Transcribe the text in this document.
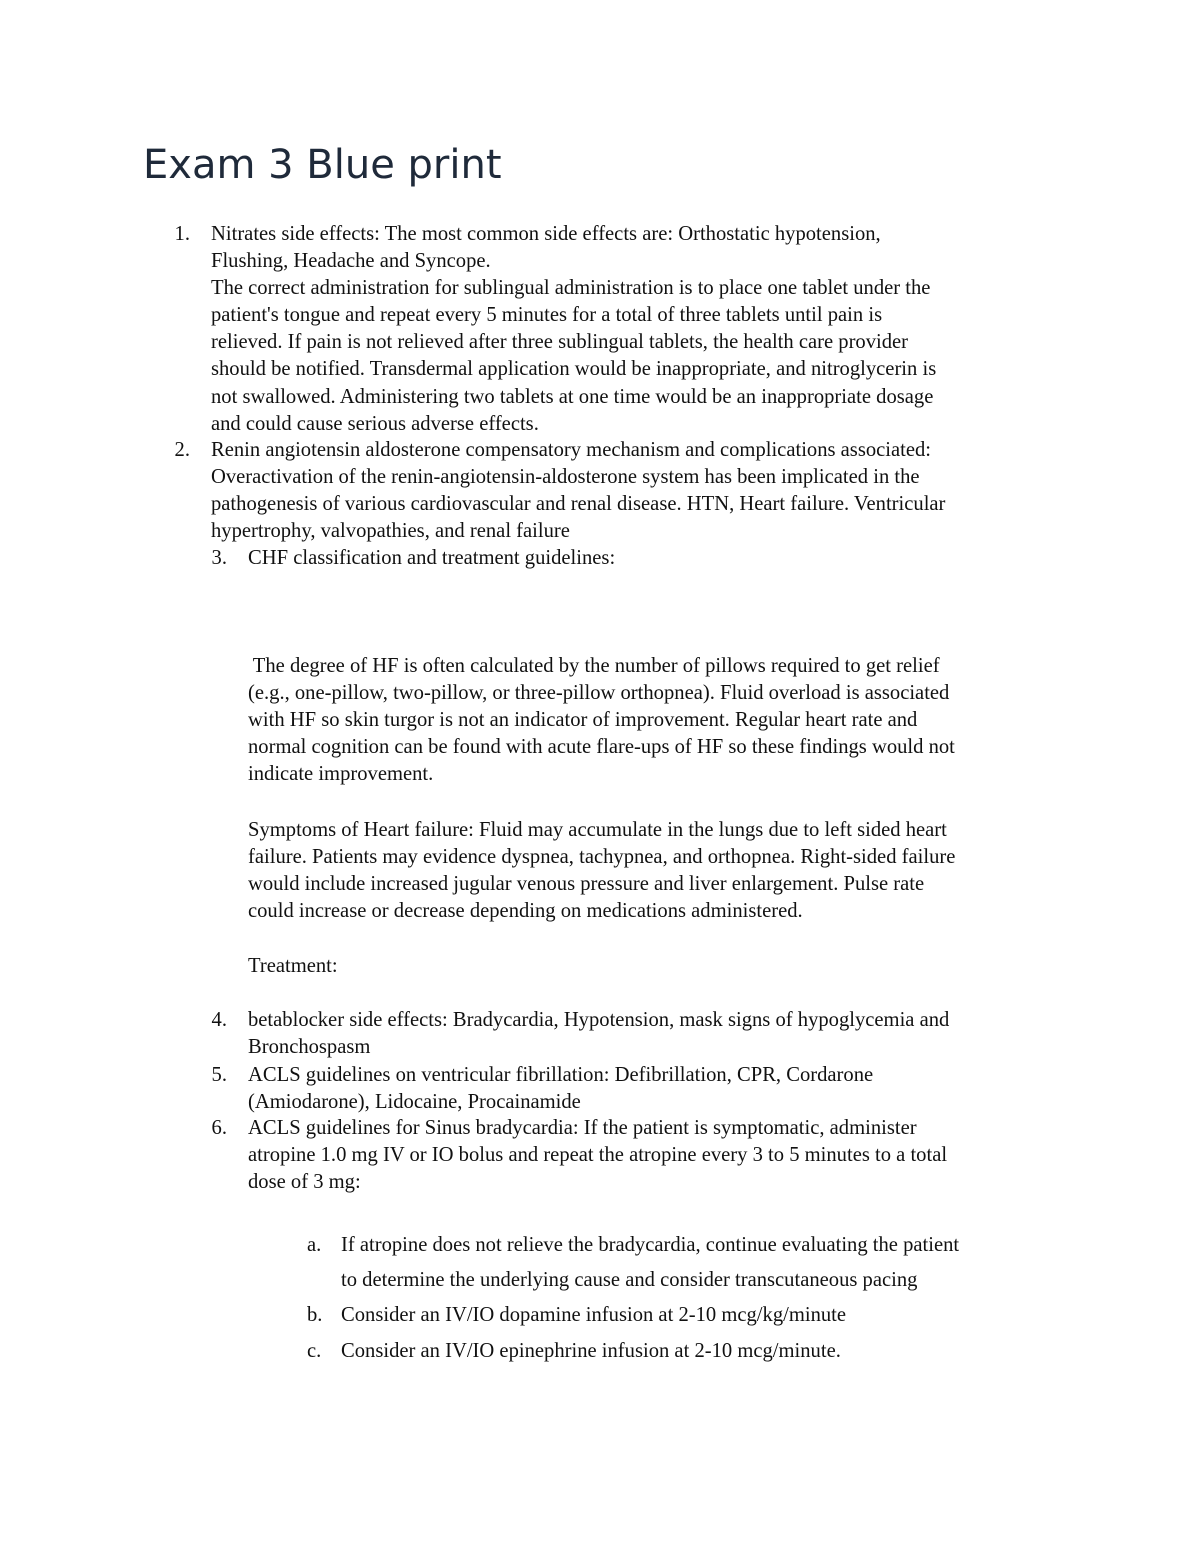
Exam 3 Blue print
1. Nitrates side effects: The most common side effects are: Orthostatic hypotension,
Flushing, Headache and Syncope.
The correct administration for sublingual administration is to place one tablet under the
patient's tongue and repeat every 5 minutes for a total of three tablets until pain is
relieved. If pain is not relieved after three sublingual tablets, the health care provider
should be notified. Transdermal application would be inappropriate, and nitroglycerin is
not swallowed. Administering two tablets at one time would be an inappropriate dosage
and could cause serious adverse effects.
2. Renin angiotensin aldosterone compensatory mechanism and complications associated:
Overactivation of the renin-angiotensin-aldosterone system has been implicated in the
pathogenesis of various cardiovascular and renal disease. HTN, Heart failure. Ventricular
hypertrophy, valvopathies, and renal failure
3. CHF classification and treatment guidelines:
The degree of HF is often calculated by the number of pillows required to get relief
(e.g., one-pillow, two-pillow, or three-pillow orthopnea). Fluid overload is associated
with HF so skin turgor is not an indicator of improvement. Regular heart rate and
normal cognition can be found with acute flare-ups of HF so these findings would not
indicate improvement.
Symptoms of Heart failure: Fluid may accumulate in the lungs due to left sided heart
failure. Patients may evidence dyspnea, tachypnea, and orthopnea. Right-sided failure
would include increased jugular venous pressure and liver enlargement. Pulse rate
could increase or decrease depending on medications administered.
Treatment:
4. betablocker side effects: Bradycardia, Hypotension, mask signs of hypoglycemia and
Bronchospasm
5. ACLS guidelines on ventricular fibrillation: Defibrillation, CPR, Cordarone
(Amiodarone), Lidocaine, Procainamide
6. ACLS guidelines for Sinus bradycardia: If the patient is symptomatic, administer
atropine 1.0 mg IV or IO bolus and repeat the atropine every 3 to 5 minutes to a total
dose of 3 mg:
a. If atropine does not relieve the bradycardia, continue evaluating the patient
to determine the underlying cause and consider transcutaneous pacing
b. Consider an IV/IO dopamine infusion at 2-10 mcg/kg/minute
c. Consider an IV/IO epinephrine infusion at 2-10 mcg/minute.
